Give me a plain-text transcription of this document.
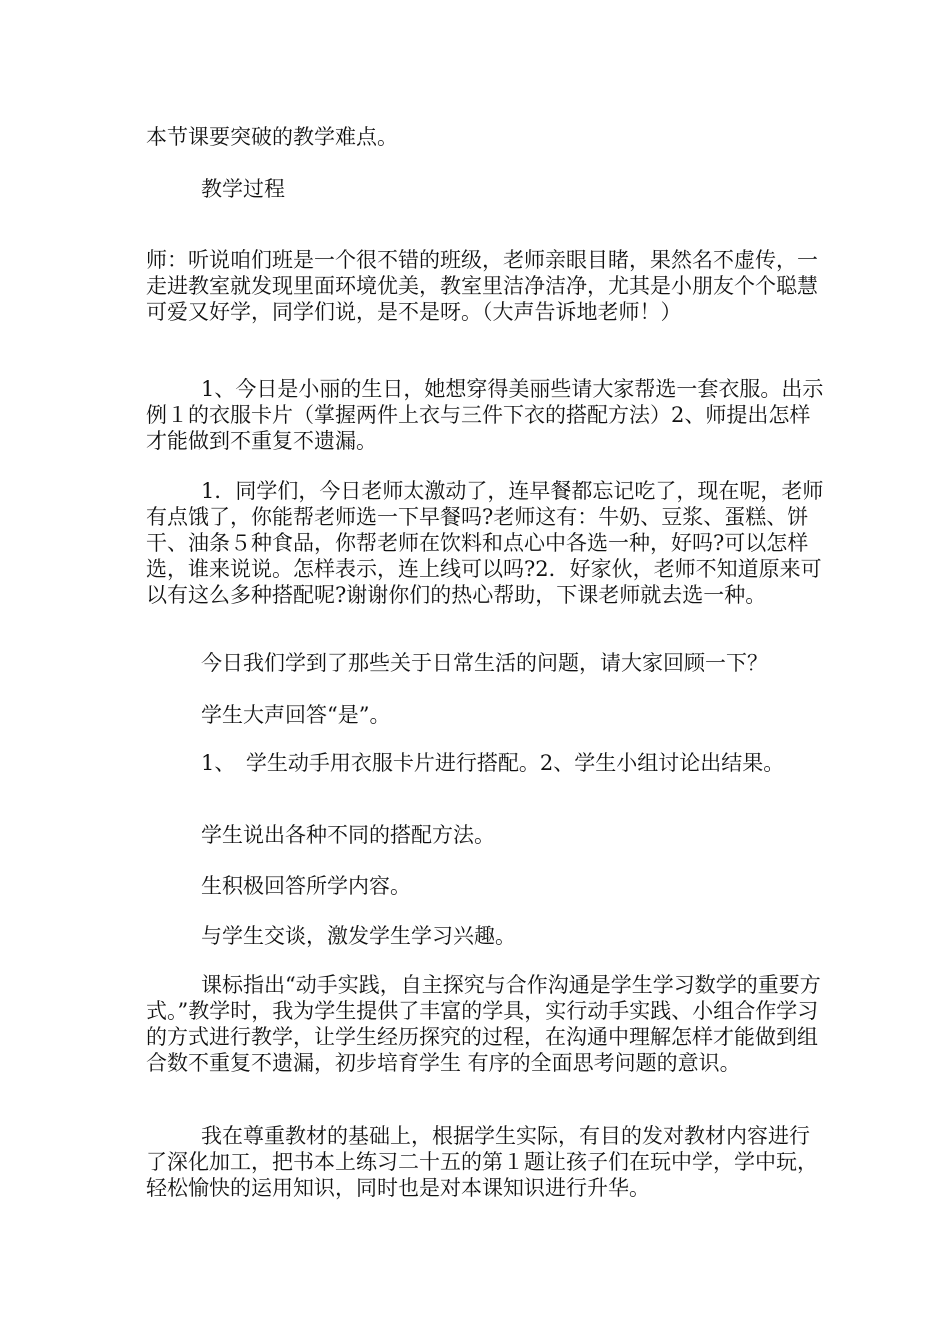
本节课要突破的教学难点。

教学过程

师：听说咱们班是一个很不错的班级，老师亲眼目睹，果然名不虚传，一走进教室就发现里面环境优美，教室里洁净洁净，尤其是小朋友个个聪慧可爱又好学，同学们说，是不是呀。（大声告诉地老师！）

1、今日是小丽的生日，她想穿得美丽些请大家帮选一套衣服。出示例１的衣服卡片（掌握两件上衣与三件下衣的搭配方法）2、师提出怎样才能做到不重复不遗漏。

1．同学们，今日老师太激动了，连早餐都忘记吃了，现在呢，老师有点饿了，你能帮老师选一下早餐吗?老师这有：牛奶、豆浆、蛋糕、饼干、油条５种食品，你帮老师在饮料和点心中各选一种，好吗?可以怎样选，谁来说说。怎样表示，连上线可以吗?2．好家伙，老师不知道原来可以有这么多种搭配呢?谢谢你们的热心帮助，下课老师就去选一种。

今日我们学到了那些关于日常生活的问题，请大家回顾一下？

学生大声回答“是”。

1、　学生动手用衣服卡片进行搭配。2、学生小组讨论出结果。

学生说出各种不同的搭配方法。

生积极回答所学内容。

与学生交谈，激发学生学习兴趣。

课标指出“动手实践，自主探究与合作沟通是学生学习数学的重要方式。”教学时，我为学生提供了丰富的学具，实行动手实践、小组合作学习的方式进行教学，让学生经历探究的过程，在沟通中理解怎样才能做到组合数不重复不遗漏，初步培育学生 有序的全面思考问题的意识。

我在尊重教材的基础上，根据学生实际，有目的发对教材内容进行了深化加工，把书本上练习二十五的第１题让孩子们在玩中学，学中玩，轻松愉快的运用知识，同时也是对本课知识进行升华。
